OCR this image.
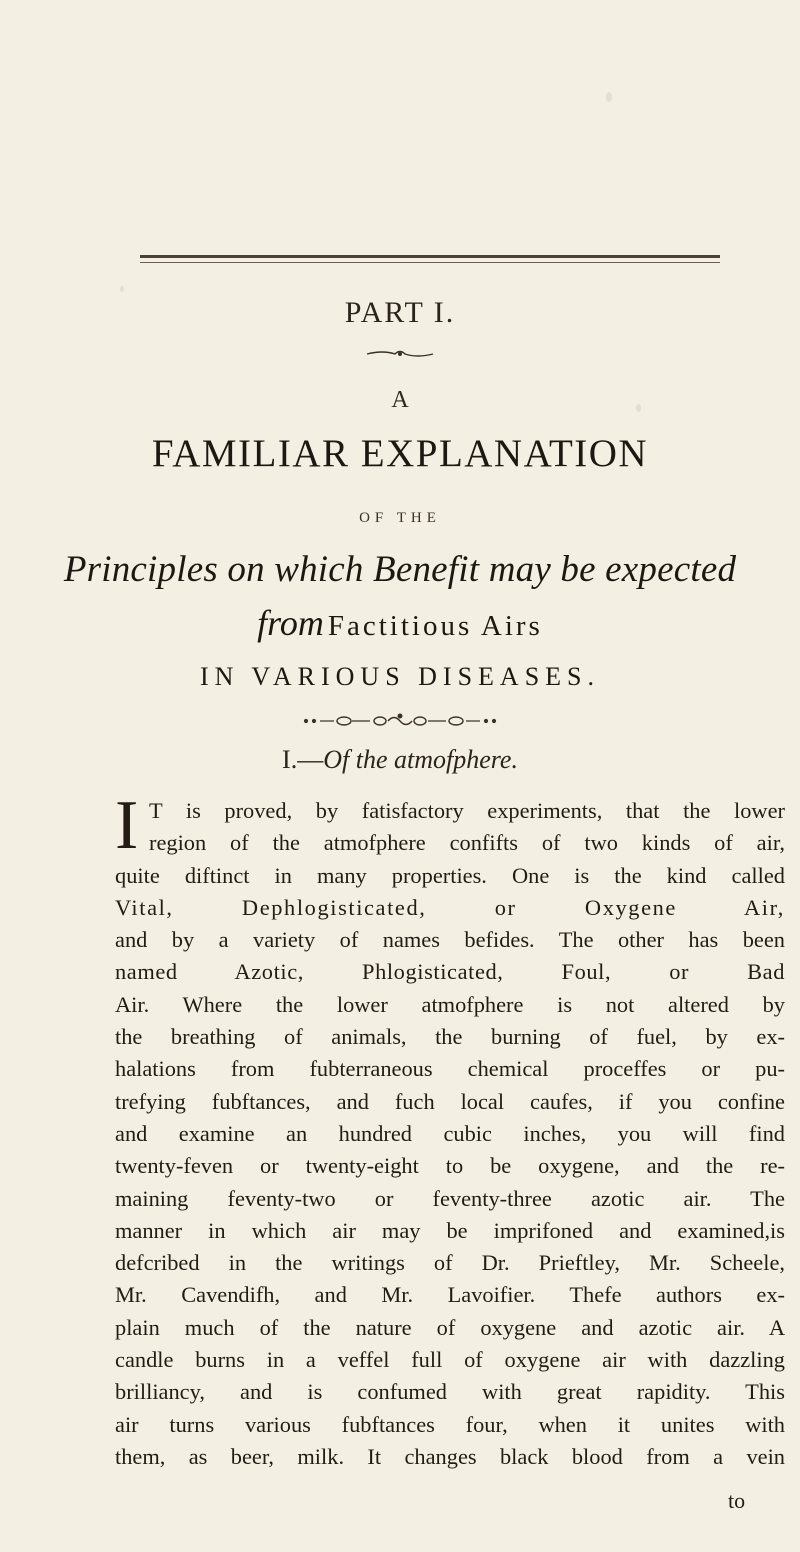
PART I.
A
FAMILIAR EXPLANATION
OF THE
Principles on which Benefit may be expected
from Factitious Airs
IN VARIOUS DISEASES.
I.—Of the atmofphere.
I T is proved, by fatisfactory experiments, that the lower
region of the atmofphere confifts of two kinds of air,
quite diftinct in many properties. One is the kind called
Vital, Dephlogisticated, or Oxygene Air,
and by a variety of names befides. The other has been
named Azotic, Phlogisticated, Foul, or Bad
Air. Where the lower atmofphere is not altered by
the breathing of animals, the burning of fuel, by ex-
halations from fubterraneous chemical proceffes or pu-
trefying fubftances, and fuch local caufes, if you confine
and examine an hundred cubic inches, you will find
twenty-feven or twenty-eight to be oxygene, and the re-
maining feventy-two or feventy-three azotic air. The
manner in which air may be imprifoned and examined,is
defcribed in the writings of Dr. Prieftley, Mr. Scheele,
Mr. Cavendifh, and Mr. Lavoifier. Thefe authors ex-
plain much of the nature of oxygene and azotic air. A
candle burns in a veffel full of oxygene air with dazzling
brilliancy, and is confumed with great rapidity. This
air turns various fubftances four, when it unites with
them, as beer, milk. It changes black blood from a vein
to
